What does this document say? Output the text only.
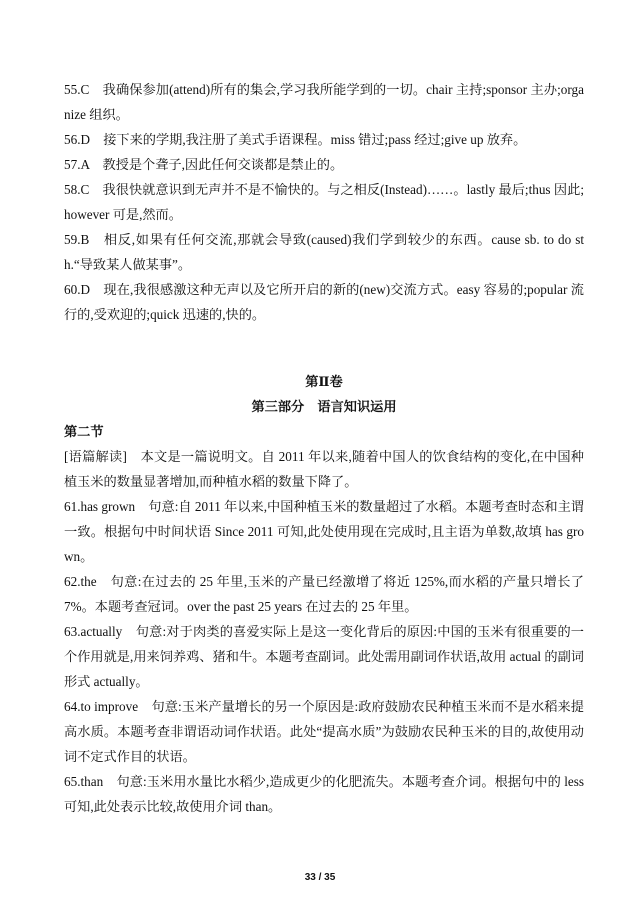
55.C　我确保参加(attend)所有的集会,学习我所能学到的一切。chair 主持;sponsor 主办;organize 组织。

56.D　接下来的学期,我注册了美式手语课程。miss 错过;pass 经过;give up 放弃。

57.A　教授是个聋子,因此任何交谈都是禁止的。

58.C　我很快就意识到无声并不是不愉快的。与之相反(Instead)……。lastly 最后;thus 因此;however 可是,然而。

59.B　相反,如果有任何交流,那就会导致(caused)我们学到较少的东西。cause sb. to do sth.“导致某人做某事”。

60.D　现在,我很感激这种无声以及它所开启的新的(new)交流方式。easy 容易的;popular 流行的,受欢迎的;quick 迅速的,快的。

第Ⅱ卷

第三部分　语言知识运用

第二节

[语篇解读]　本文是一篇说明文。自 2011 年以来,随着中国人的饮食结构的变化,在中国种植玉米的数量显著增加,而种植水稻的数量下降了。

61.has grown　句意:自 2011 年以来,中国种植玉米的数量超过了水稻。本题考查时态和主谓一致。根据句中时间状语 Since 2011 可知,此处使用现在完成时,且主语为单数,故填 has grown。

62.the　句意:在过去的 25 年里,玉米的产量已经激增了将近 125%,而水稻的产量只增长了 7%。本题考查冠词。over the past 25 years 在过去的 25 年里。

63.actually　句意:对于肉类的喜爱实际上是这一变化背后的原因:中国的玉米有很重要的一个作用就是,用来饲养鸡、猪和牛。本题考查副词。此处需用副词作状语,故用 actual 的副词形式 actually。

64.to improve　句意:玉米产量增长的另一个原因是:政府鼓励农民种植玉米而不是水稻来提高水质。本题考查非谓语动词作状语。此处“提高水质”为鼓励农民种玉米的目的,故使用动词不定式作目的状语。

65.than　句意:玉米用水量比水稻少,造成更少的化肥流失。本题考查介词。根据句中的 less 可知,此处表示比较,故使用介词 than。

33 / 35
